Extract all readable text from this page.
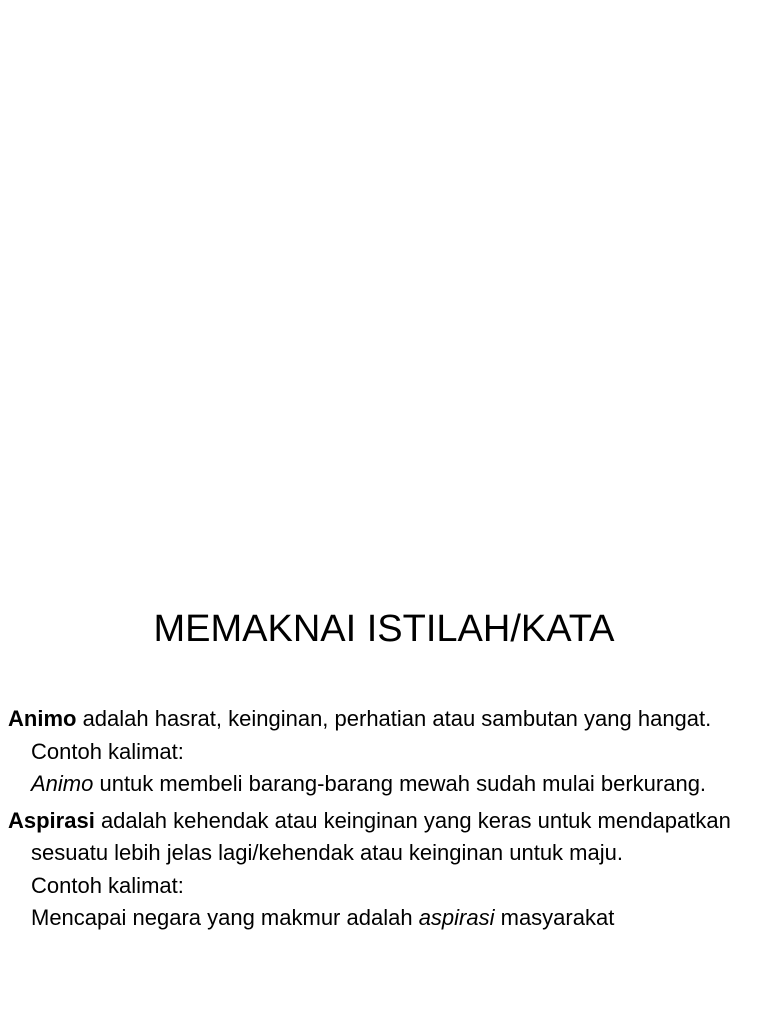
MEMAKNAI ISTILAH/KATA

Animo adalah hasrat, keinginan, perhatian atau sambutan yang hangat.

Contoh kalimat:

Animo untuk membeli barang-barang mewah sudah mulai berkurang.

Aspirasi adalah kehendak atau keinginan yang keras untuk mendapatkan sesuatu lebih jelas lagi/kehendak atau keinginan untuk maju.

Contoh kalimat:

Mencapai negara yang makmur adalah aspirasi masyarakat
